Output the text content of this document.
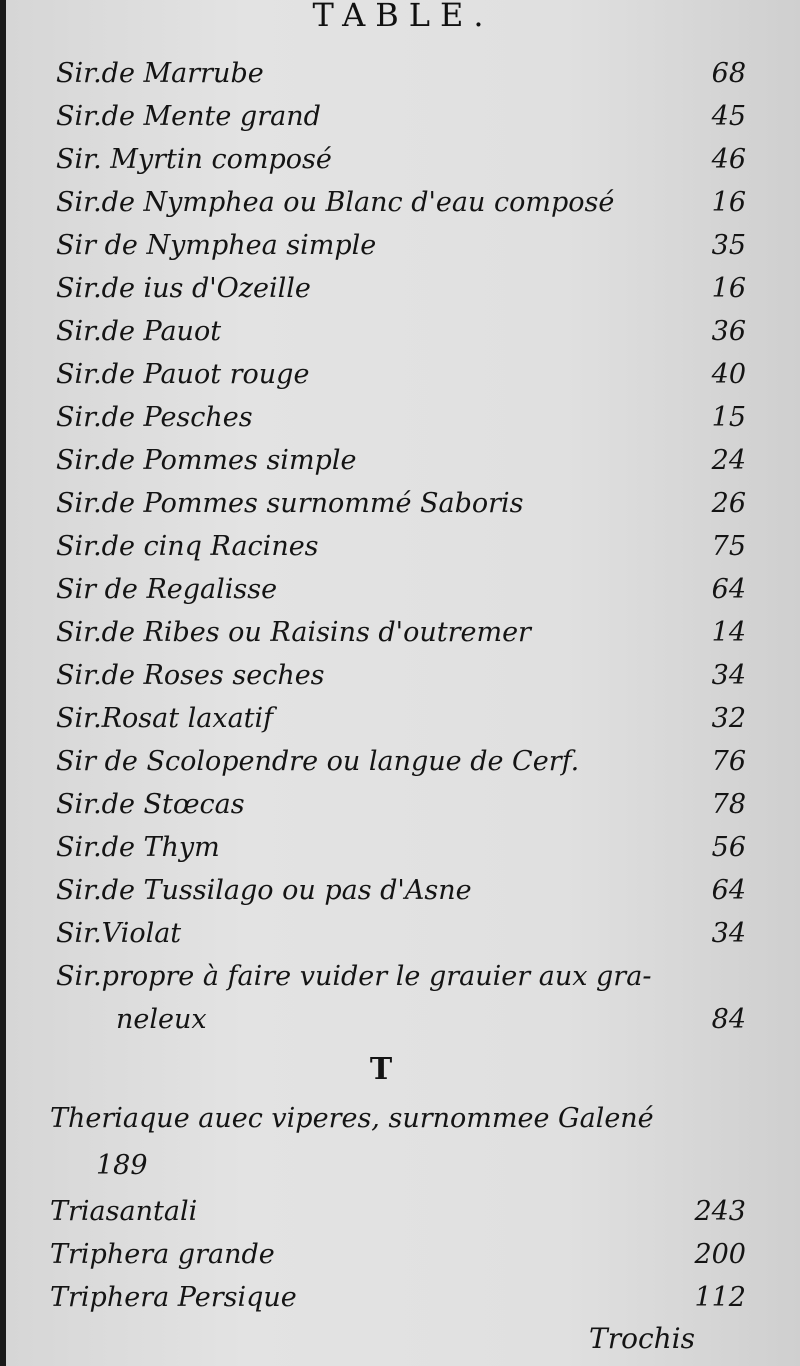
TABLE.
Sir.de Marrube	68
Sir.de Mente grand	45
Sir. Myrtin composé	46
Sir.de Nymphea ou Blanc d'eau composé	16
Sir de Nymphea simple	35
Sir.de ius d'Ozeille	16
Sir.de Pauot	36
Sir.de Pauot rouge	40
Sir.de Pesches	15
Sir.de Pommes simple	24
Sir.de Pommes surnommé Saboris	26
Sir.de cinq Racines	75
Sir de Regalisse	64
Sir.de Ribes ou Raisins d'outremer	14
Sir.de Roses seches	34
Sir.Rosat laxatif	32
Sir de Scolopendre ou langue de Cerf.	76
Sir.de Stœcas	78
Sir.de Thym	56
Sir.de Tussilago ou pas d'Asne	64
Sir.Violat	34
Sir.propre à faire vuider le grauier aux gra-
neleux	84
T
Theriaque auec viperes, surnommee Galené
189
Triasantali	243
Triphera grande	200
Triphera Persique	112
Trochis
